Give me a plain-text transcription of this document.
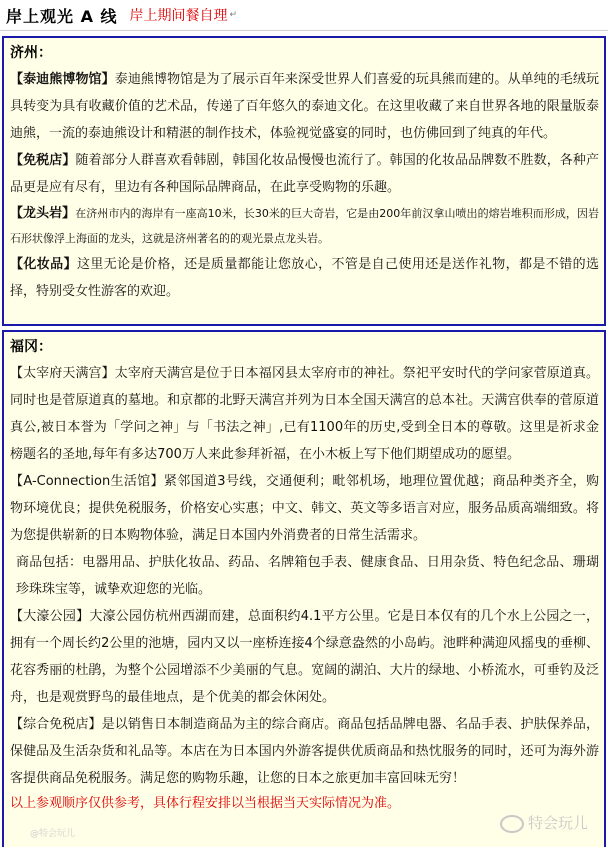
岸上观光 A 线 岸上期间餐自理 ↵
济州：

【泰迪熊博物馆】泰迪熊博物馆是为了展示百年来深受世界人们喜爱的玩具熊而建的。从单纯的毛绒玩具转变为具有收藏价值的艺术品，传递了百年悠久的泰迪文化。在这里收藏了来自世界各地的限量版泰迪熊，一流的泰迪熊设计和精湛的制作技术，体验视觉盛宴的同时，也仿佛回到了纯真的年代。

【免税店】随着部分人群喜欢看韩剧，韩国化妆品慢慢也流行了。韩国的化妆品品牌数不胜数，各种产品更是应有尽有，里边有各种国际品牌商品，在此享受购物的乐趣。

【龙头岩】在济州市内的海岸有一座高10米，长30米的巨大奇岩，它是由200年前汉拿山喷出的熔岩堆积而形成，因岩石形状像浮上海面的龙头，这就是济州著名的的观光景点龙头岩。

【化妆品】这里无论是价格，还是质量都能让您放心，不管是自己使用还是送作礼物，都是不错的选择，特别受女性游客的欢迎。

福冈：

【太宰府天满宫】太宰府天满宫是位于日本福冈县太宰府市的神社。祭祀平安时代的学问家菅原道真。同时也是菅原道真的墓地。和京都的北野天满宫并列为日本全国天满宫的总本社。天满宫供奉的菅原道真公,被日本誉为「学问之神」与「书法之神」,已有1100年的历史,受到全日本的尊敬。这里是祈求金榜题名的圣地,每年有多达700万人来此参拜祈福，在小木板上写下他们期望成功的愿望。

【A-Connection生活馆】紧邻国道3号线，交通便利；毗邻机场，地理位置优越；商品种类齐全，购物环境优良；提供免税服务，价格安心实惠；中文、韩文、英文等多语言对应，服务品质高端细致。将为您提供崭新的日本购物体验，满足日本国内外消费者的日常生活需求。

商品包括：电器用品、护肤化妆品、药品、名牌箱包手表、健康食品、日用杂货、特色纪念品、珊瑚珍珠珠宝等，诚挚欢迎您的光临。

【大濠公园】大濠公园仿杭州西湖而建，总面积约4.1平方公里。它是日本仅有的几个水上公园之一，拥有一个周长约2公里的池塘，园内又以一座桥连接4个绿意盎然的小岛屿。池畔种满迎风摇曳的垂柳、花容秀丽的杜鹃，为整个公园增添不少美丽的气息。宽阔的湖泊、大片的绿地、小桥流水，可垂钓及泛舟，也是观赏野鸟的最佳地点，是个优美的都会休闲处。

【综合免税店】是以销售日本制造商品为主的综合商店。商品包括品牌电器、名品手表、护肤保养品，保健品及生活杂货和礼品等。本店在为日本国内外游客提供优质商品和热忱服务的同时，还可为海外游客提供商品免税服务。满足您的购物乐趣，让您的日本之旅更加丰富回味无穷！

以上参观顺序仅供参考，具体行程安排以当根据当天实际情况为准。
特会玩儿
@特会玩儿
